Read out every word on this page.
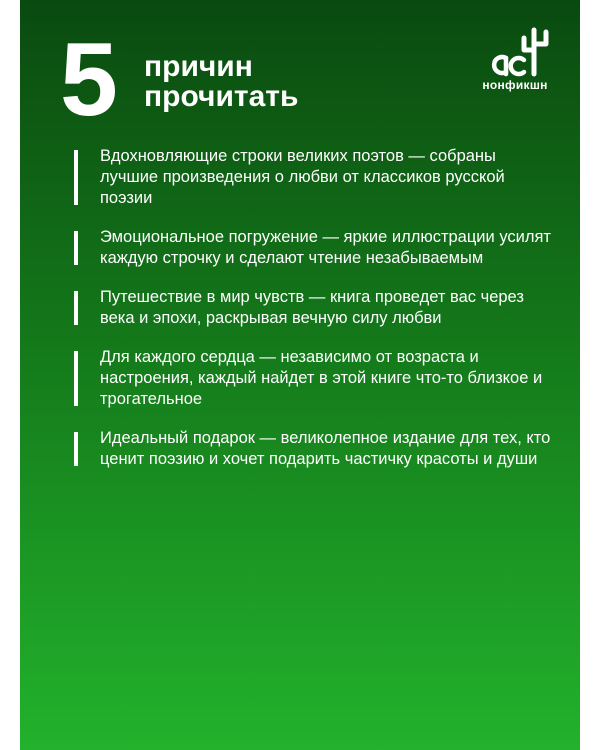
5 причин
прочитать	нонфикшн
Вдохновляющие строки великих поэтов — собраны лучшие произведения о любви от классиков русской поэзии
Эмоциональное погружение — яркие иллюстрации усилят каждую строчку и сделают чтение незабываемым
Путешествие в мир чувств — книга проведет вас через века и эпохи, раскрывая вечную силу любви
Для каждого сердца — независимо от возраста и настроения, каждый найдет в этой книге что-то близкое и трогательное
Идеальный подарок — великолепное издание для тех, кто ценит поэзию и хочет подарить частичку красоты и души
